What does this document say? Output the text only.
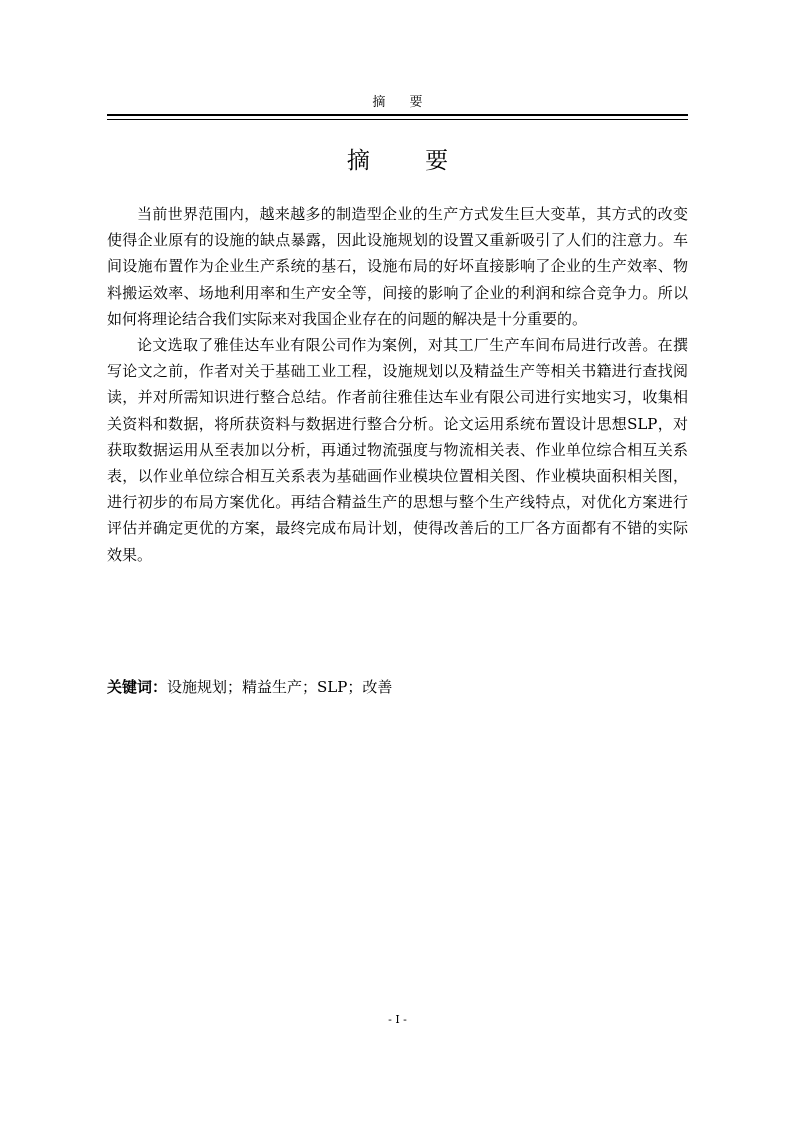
摘 要
摘 要

当前世界范围内，越来越多的制造型企业的生产方式发生巨大变革，其方式的改变使得企业原有的设施的缺点暴露，因此设施规划的设置又重新吸引了人们的注意力。车间设施布置作为企业生产系统的基石，设施布局的好坏直接影响了企业的生产效率、物料搬运效率、场地利用率和生产安全等，间接的影响了企业的利润和综合竞争力。所以如何将理论结合我们实际来对我国企业存在的问题的解决是十分重要的。

论文选取了雅佳达车业有限公司作为案例，对其工厂生产车间布局进行改善。在撰写论文之前，作者对关于基础工业工程，设施规划以及精益生产等相关书籍进行查找阅读，并对所需知识进行整合总结。作者前往雅佳达车业有限公司进行实地实习，收集相关资料和数据，将所获资料与数据进行整合分析。论文运用系统布置设计思想SLP，对获取数据运用从至表加以分析，再通过物流强度与物流相关表、作业单位综合相互关系表，以作业单位综合相互关系表为基础画作业模块位置相关图、作业模块面积相关图，进行初步的布局方案优化。再结合精益生产的思想与整个生产线特点，对优化方案进行评估并确定更优的方案，最终完成布局计划，使得改善后的工厂各方面都有不错的实际效果。

关键词：设施规划；精益生产；SLP；改善
- I -
